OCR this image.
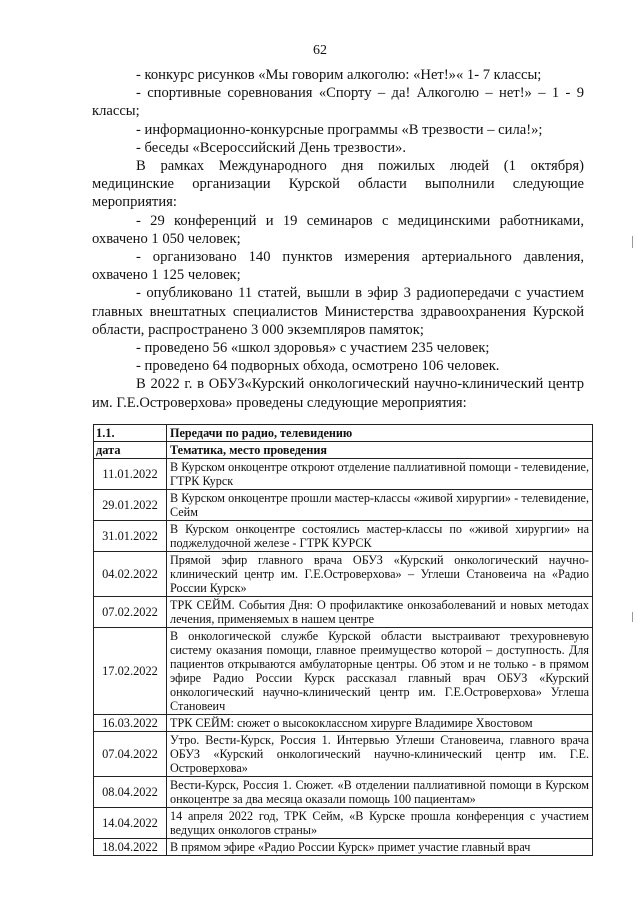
62

- конкурс рисунков «Мы говорим алкоголю: «Нет!»« 1- 7 классы;

- спортивные соревнования «Спорту – да! Алкоголю – нет!» – 1 - 9 классы;

- информационно-конкурсные программы «В трезвости – сила!»;

- беседы «Всероссийский День трезвости».

В рамках Международного дня пожилых людей (1 октября) медицинские организации Курской области выполнили следующие мероприятия:

- 29 конференций и 19 семинаров с медицинскими работниками, охвачено 1 050 человек;

- организовано 140 пунктов измерения артериального давления, охвачено 1 125 человек;

- опубликовано 11 статей, вышли в эфир 3 радиопередачи с участием главных внештатных специалистов Министерства здравоохранения Курской области, распространено 3 000 экземпляров памяток;

- проведено 56 «школ здоровья» с участием 235 человек;

- проведено 64 подворных обхода, осмотрено 106 человек.

В 2022 г. в ОБУЗ«Курский онкологический научно-клинический центр им. Г.Е.Островерхова» проведены следующие мероприятия:

1.1.	Передачи по радио, телевидению
дата	Тематика, место проведения
11.01.2022	В Курском онкоцентре откроют отделение паллиативной помощи - телевидение, ГТРК Курск
29.01.2022	В Курском онкоцентре прошли мастер-классы «живой хирургии» - телевидение, Сейм
31.01.2022	В Курском онкоцентре состоялись мастер-классы по «живой хирургии» на поджелудочной железе - ГТРК КУРСК
04.02.2022	Прямой эфир главного врача ОБУЗ «Курский онкологический научно-клинический центр им. Г.Е.Островерхова» – Углеши Становеича на «Радио России Курск»
07.02.2022	ТРК СЕЙМ. События Дня: О профилактике онкозаболеваний и новых методах лечения, применяемых в нашем центре
17.02.2022	В онкологической службе Курской области выстраивают трехуровневую систему оказания помощи, главное преимущество которой – доступность. Для пациентов открываются амбулаторные центры. Об этом и не только - в прямом эфире Радио России Курск рассказал главный врач ОБУЗ «Курский онкологический научно-клинический центр им. Г.Е.Островерхова» Углеша Становеич
16.03.2022	ТРК СЕЙМ: сюжет о высококлассном хирурге Владимире Хвостовом
07.04.2022	Утро. Вести-Курск, Россия 1. Интервью Углеши Становеича, главного врача ОБУЗ «Курский онкологический научно-клинический центр им. Г.Е. Островерхова»
08.04.2022	Вести-Курск, Россия 1. Сюжет. «В отделении паллиативной помощи в Курском онкоцентре за два месяца оказали помощь 100 пациентам»
14.04.2022	14 апреля 2022 год, ТРК Сейм, «В Курске прошла конференция с участием ведущих онкологов страны»
18.04.2022	В прямом эфире «Радио России Курск» примет участие главный врач
